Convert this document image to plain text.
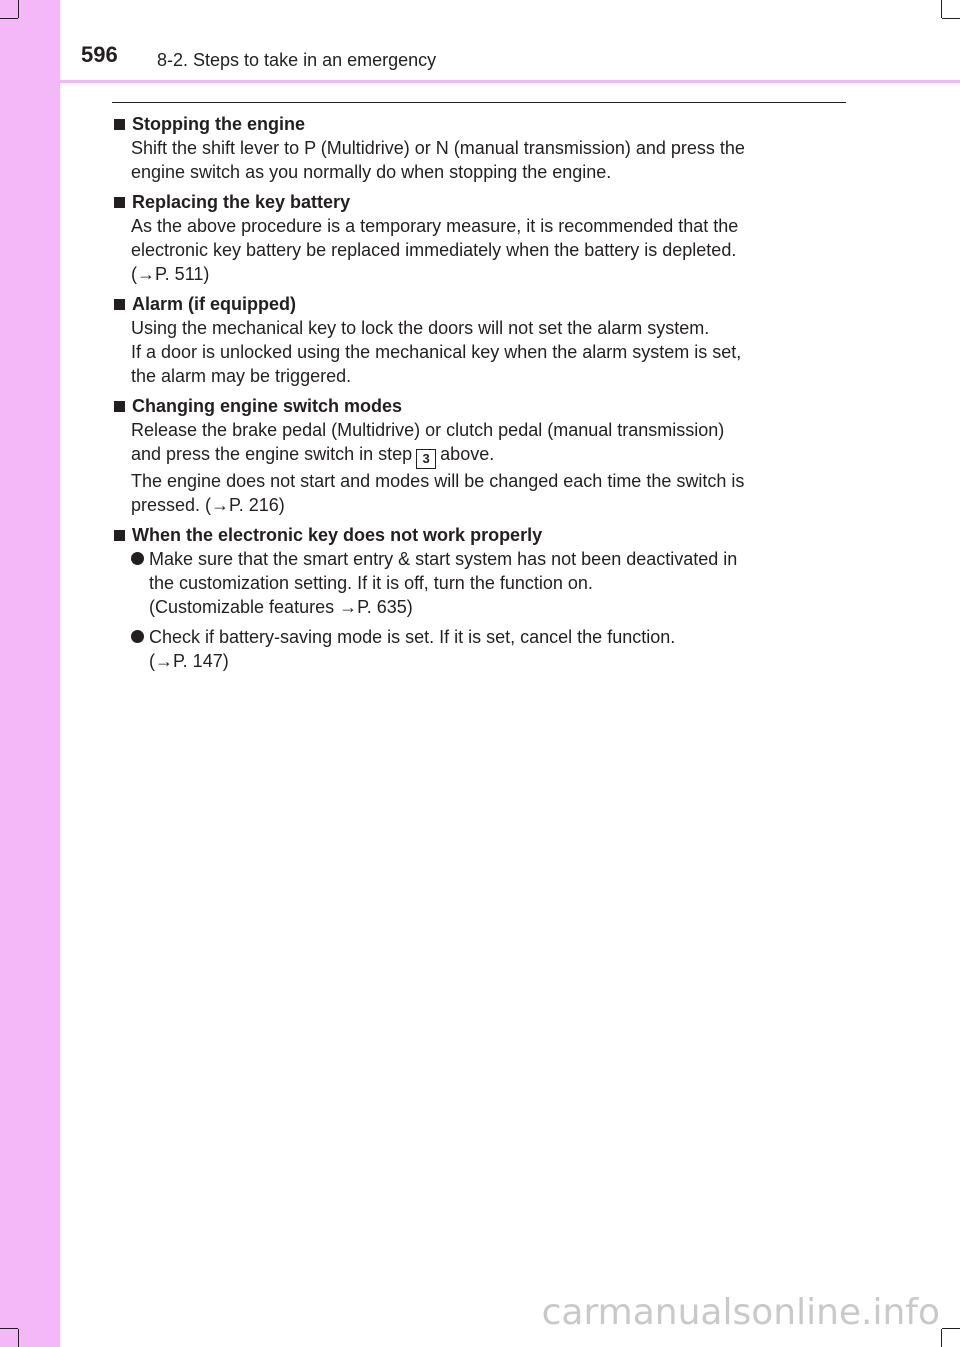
596 8-2. Steps to take in an emergency
Stopping the engine
Shift the shift lever to P (Multidrive) or N (manual transmission) and press the
engine switch as you normally do when stopping the engine.
Replacing the key battery
As the above procedure is a temporary measure, it is recommended that the
electronic key battery be replaced immediately when the battery is depleted.
(→P. 511)
Alarm (if equipped)
Using the mechanical key to lock the doors will not set the alarm system.
If a door is unlocked using the mechanical key when the alarm system is set,
the alarm may be triggered.
Changing engine switch modes
Release the brake pedal (Multidrive) or clutch pedal (manual transmission)
and press the engine switch in step 3 above.
The engine does not start and modes will be changed each time the switch is
pressed. (→P. 216)
When the electronic key does not work properly
Make sure that the smart entry & start system has not been deactivated in
the customization setting. If it is off, turn the function on.
(Customizable features →P. 635)
Check if battery-saving mode is set. If it is set, cancel the function.
(→P. 147)
carmanualsonline.info
